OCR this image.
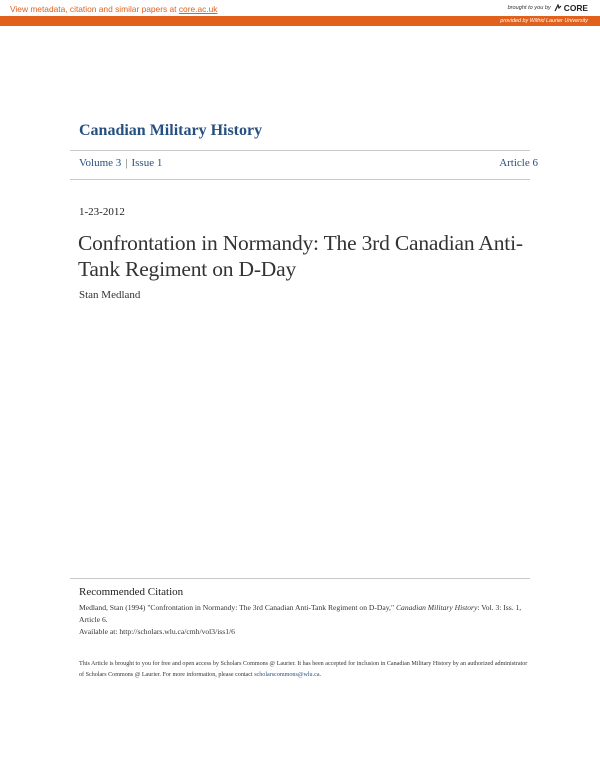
View metadata, citation and similar papers at core.ac.uk	brought to you by CORE
provided by Wilfrid Laurier University
Canadian Military History
Volume 3 | Issue 1	Article 6
1-23-2012
Confrontation in Normandy: The 3rd Canadian Anti-Tank Regiment on D-Day
Stan Medland
Recommended Citation
Medland, Stan (1994) "Confrontation in Normandy: The 3rd Canadian Anti-Tank Regiment on D-Day," Canadian Military History: Vol. 3: Iss. 1, Article 6.
Available at: http://scholars.wlu.ca/cmh/vol3/iss1/6
This Article is brought to you for free and open access by Scholars Commons @ Laurier. It has been accepted for inclusion in Canadian Military History by an authorized administrator of Scholars Commons @ Laurier. For more information, please contact scholarscommons@wlu.ca.
